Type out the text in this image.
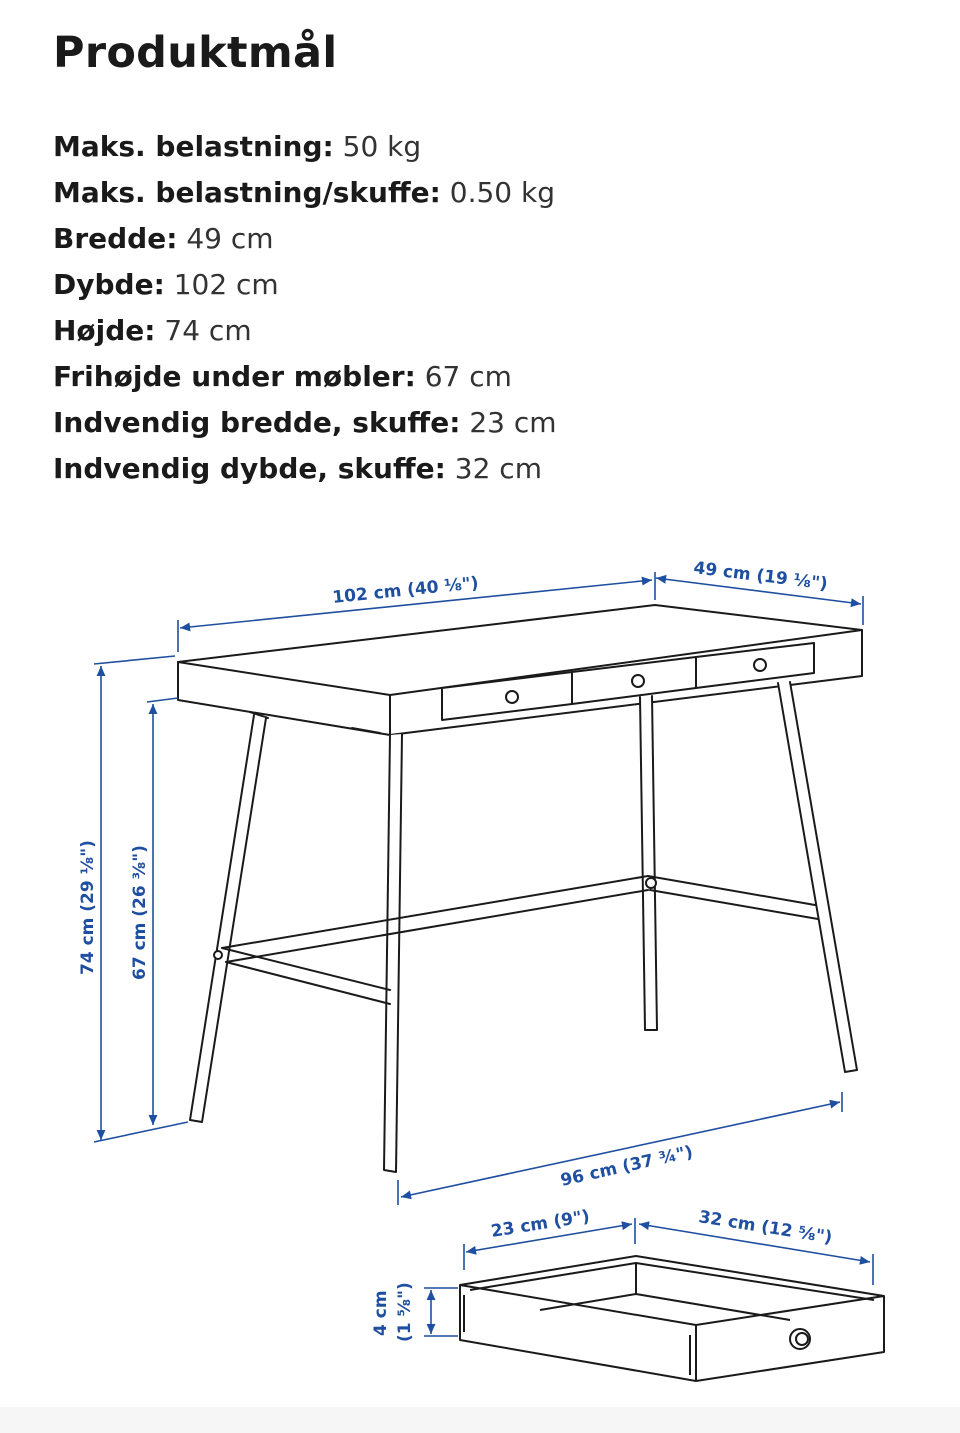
Produktmål
Maks. belastning: 50 kg
Maks. belastning/skuffe: 0.50 kg
Bredde: 49 cm
Dybde: 102 cm
Højde: 74 cm
Frihøjde under møbler: 67 cm
Indvendig bredde, skuffe: 23 cm
Indvendig dybde, skuffe: 32 cm
102 cm (40 ⅛")	49 cm (19 ⅛")
74 cm (29 ⅛") 67 cm (26 ⅜")
96 cm (37 ¾")
23 cm (9")	32 cm (12 ⅝")
4 cm (1 ⅝")
